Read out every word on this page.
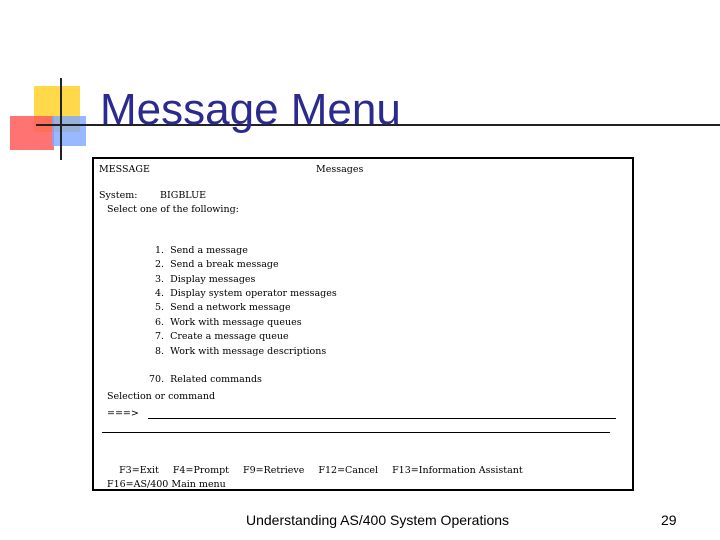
Message Menu
MESSAGE	Messages
System: BIGBLUE
Select one of the following:

1. Send a message

2. Send a break message

3. Display messages

4. Display system operator messages

5. Send a network message

6. Work with message queues

7. Create a message queue

8. Work with message descriptions

70. Related commands

Selection or command
===>

F3=Exit F4=Prompt F9=Retrieve F12=Cancel F13=Information Assistant
F16=AS/400 Main menu

Understanding AS/400 System Operations	29
